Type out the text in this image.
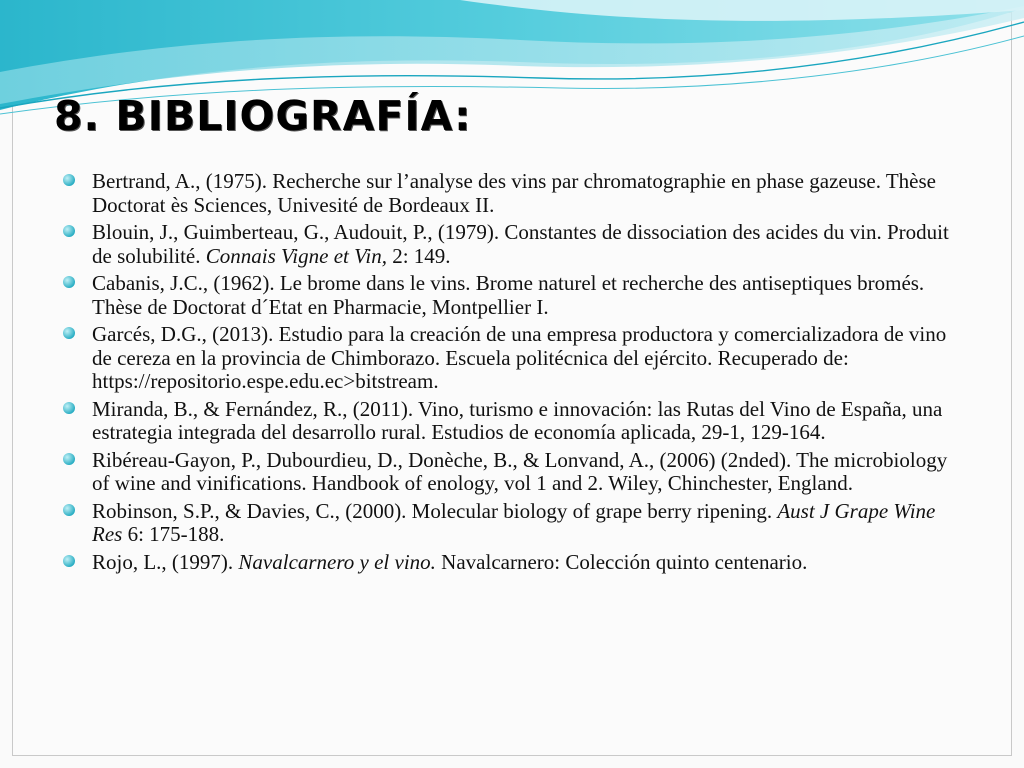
8. BIBLIOGRAFÍA:
Bertrand, A., (1975). Recherche sur l’analyse des vins par chromatographie en phase gazeuse. Thèse Doctorat ès Sciences, Univesité de Bordeaux II.
Blouin, J., Guimberteau, G., Audouit, P., (1979). Constantes de dissociation des acides du vin. Produit de solubilité. Connais Vigne et Vin, 2: 149.
Cabanis, J.C., (1962). Le brome dans le vins. Brome naturel et recherche des antiseptiques bromés. Thèse de Doctorat d´Etat en Pharmacie, Montpellier I.
Garcés, D.G., (2013). Estudio para la creación de una empresa productora y comercializadora de vino de cereza en la provincia de Chimborazo. Escuela politécnica del ejército. Recuperado de: https://repositorio.espe.edu.ec>bitstream.
Miranda, B., & Fernández, R., (2011). Vino, turismo e innovación: las Rutas del Vino de España, una estrategia integrada del desarrollo rural. Estudios de economía aplicada, 29-1, 129-164.
Ribéreau-Gayon, P., Dubourdieu, D., Donèche, B., & Lonvand, A., (2006) (2nded). The microbiology of wine and vinifications. Handbook of enology, vol 1 and 2. Wiley, Chinchester, England.
Robinson, S.P., & Davies, C., (2000). Molecular biology of grape berry ripening. Aust J Grape Wine Res 6: 175-188.
Rojo, L., (1997). Navalcarnero y el vino. Navalcarnero: Colección quinto centenario.
